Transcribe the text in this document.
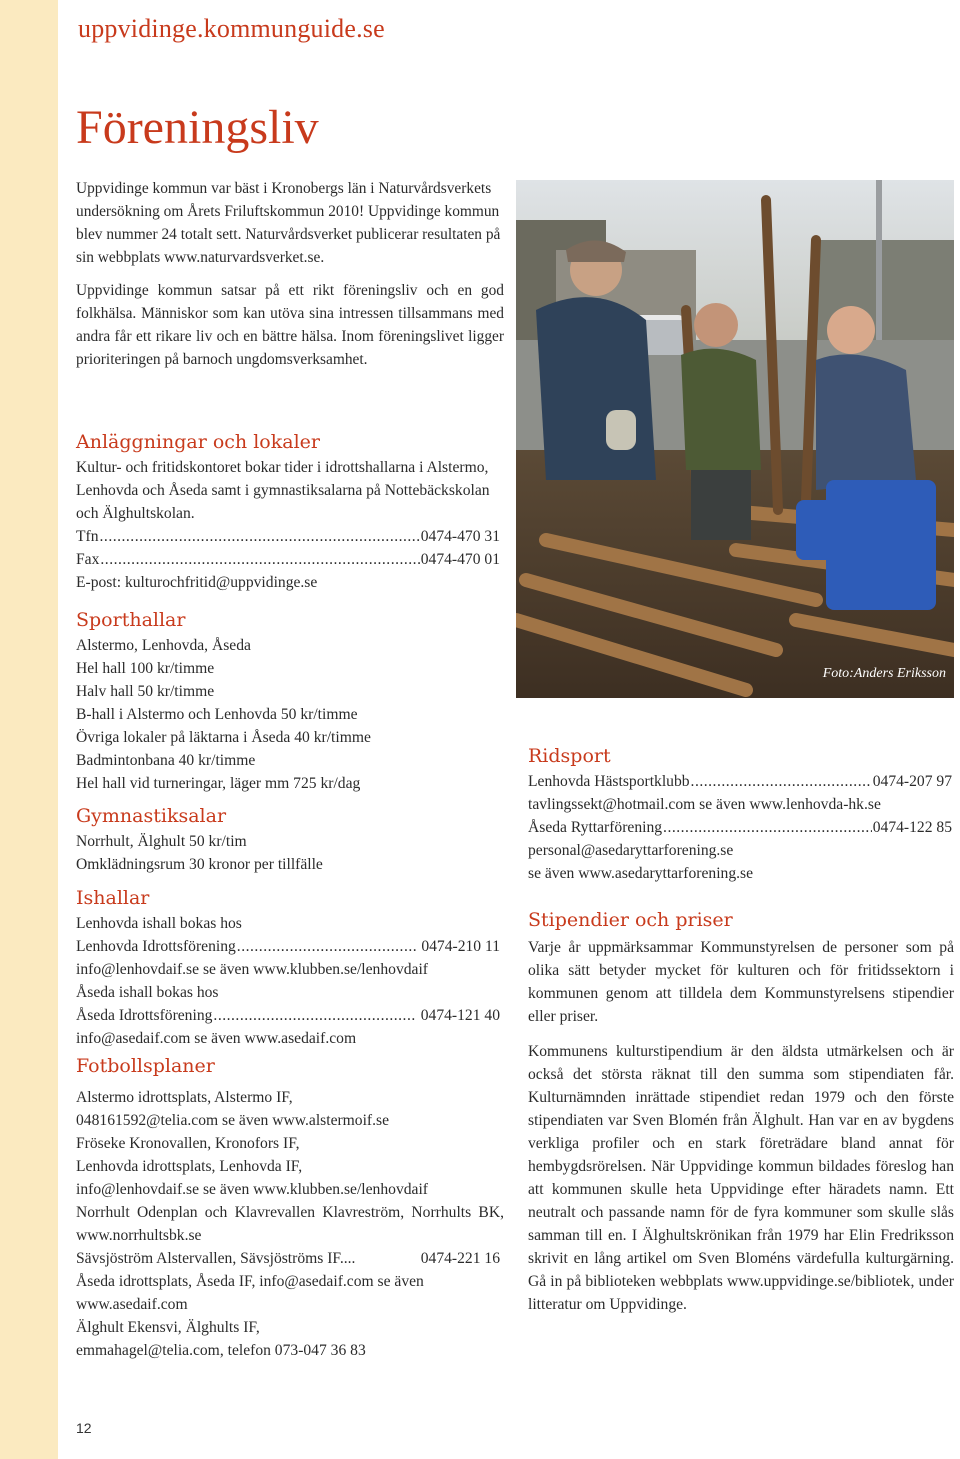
uppvidinge.kommunguide.se
Föreningsliv

Uppvidinge kommun var bäst i Kronobergs län i Naturvårdsverkets undersökning om Årets Friluftskommun 2010! Uppvidinge kommun blev nummer 24 totalt sett. Naturvårdsverket publicerar resultaten på sin webbplats www.naturvardsverket.se.

Uppvidinge kommun satsar på ett rikt föreningsliv och en god folkhälsa. Människor som kan utöva sina intressen tillsammans med andra får ett rikare liv och en bättre hälsa. Inom föreningslivet ligger prioriteringen på barnoch ungdomsverksamhet.

Anläggningar och lokaler

Kultur- och fritidskontoret bokar tider i idrottshallarna i Alstermo, Lenhovda och Åseda samt i gymnastiksalarna på Nottebäckskolan och Älghultskolan.

Tfn .....	0474-470 31
Fax .....	0474-470 01

E-post: kulturochfritid@uppvidinge.se

Sporthallar

Alstermo, Lenhovda, Åseda

Hel hall 100 kr/timme

Halv hall 50 kr/timme

B-hall i Alstermo och Lenhovda 50 kr/timme

Övriga lokaler på läktarna i Åseda 40 kr/timme

Badmintonbana 40 kr/timme

Hel hall vid turneringar, läger mm 725 kr/dag

Gymnastiksalar

Norrhult, Älghult 50 kr/tim

Omklädningsrum 30 kronor per tillfälle

Ishallar

Lenhovda ishall bokas hos

Lenhovda Idrottsförening .....	0474-210 11

info@lenhovdaif.se se även www.klubben.se/lenhovdaif

Åseda ishall bokas hos

Åseda Idrottsförening .....	0474-121 40

info@asedaif.com se även www.asedaif.com

Fotbollsplaner

Alstermo idrottsplats, Alstermo IF,

048161592@telia.com se även www.alstermoif.se

Fröseke Kronovallen, Kronofors IF,

Lenhovda idrottsplats, Lenhovda IF,

info@lenhovdaif.se se även www.klubben.se/lenhovdaif

Norrhult Odenplan och Klavrevallen Klavreström, Norrhults BK, www.norrhultsbk.se

Sävsjöström Alstervallen, Sävsjöströms IF....	0474-221 16

Åseda idrottsplats, Åseda IF, info@asedaif.com se även

www.asedaif.com

Älghult Ekensvi, Älghults IF,

emmahagel@telia.com, telefon 073-047 36 83

Foto:Anders Eriksson
Ridsport
Lenhovda Hästsportklubb .....	0474-207 97

tavlingssekt@hotmail.com se även www.lenhovda-hk.se

Åseda Ryttarförening .....	0474-122 85

personal@asedaryttarforening.se

se även www.asedaryttarforening.se

Stipendier och priser

Varje år uppmärksammar Kommunstyrelsen de personer som på olika sätt betyder mycket för kulturen och för fritidssektorn i kommunen genom att tilldela dem Kommunstyrelsens stipendier eller priser.

Kommunens kulturstipendium är den äldsta utmärkelsen och är också det största räknat till den summa som stipendiaten får. Kulturnämnden inrättade stipendiet redan 1979 och den förste stipendiaten var Sven Blomén från Älghult. Han var en av bygdens verkliga profiler och en stark företrädare bland annat för hembygdsrörelsen. När Uppvidinge kommun bildades föreslog han att kommunen skulle heta Uppvidinge efter häradets namn. Ett neutralt och passande namn för de fyra kommuner som skulle slås samman till en. I Älghultskrönikan från 1979 har Elin Fredriksson skrivit en lång artikel om Sven Bloméns värdefulla kulturgärning. Gå in på biblioteken webbplats www.uppvidinge.se/bibliotek, under litteratur om Uppvidinge.

12
